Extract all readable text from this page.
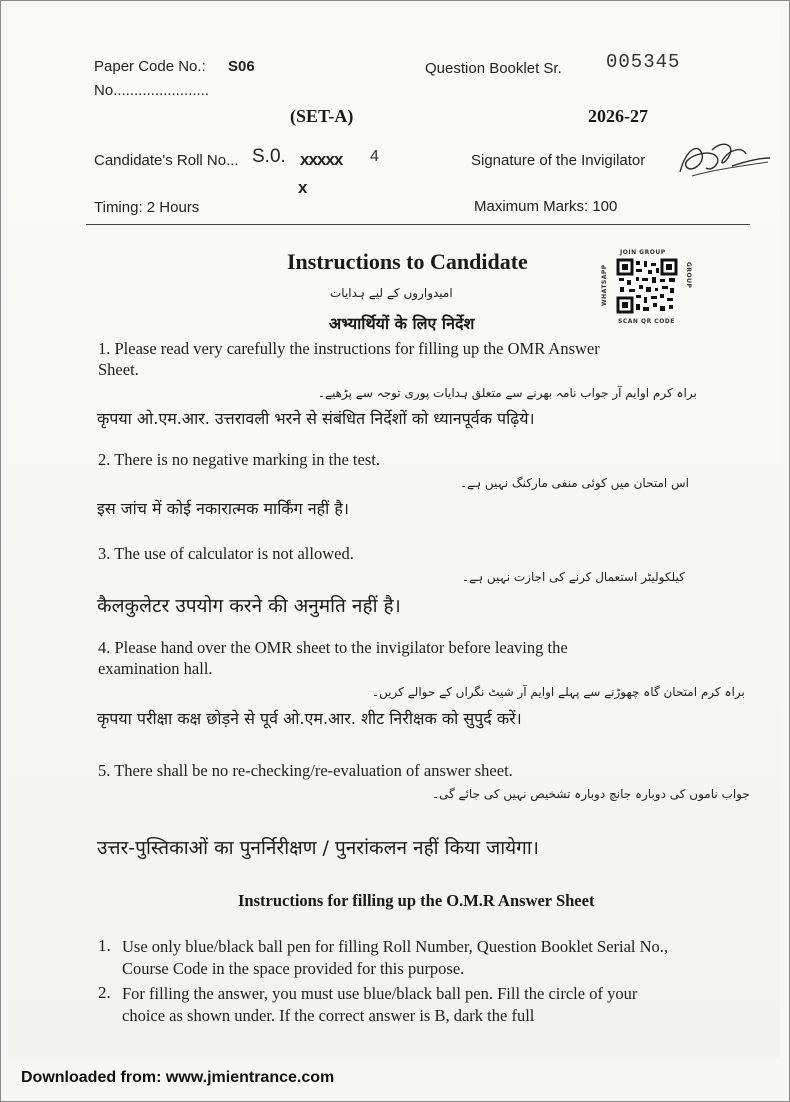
Paper Code No.: S06
No.......................
Question Booklet Sr. 005345
(SET-A)	2026-27
Candidate's Roll No... S.0. xxxxx 4
x
Signature of the Invigilator
Timing: 2 Hours	Maximum Marks: 100
JOIN GROUP
WHATSAPP	GROUP
SCAN QR CODE
Instructions to Candidate
امیدواروں کے لیے ہدایات
अभ्यार्थियों के लिए निर्देश
1. Please read very carefully the instructions for filling up the OMR Answer
Sheet.
براہ کرم اوایم آر جواب نامہ بھرنے سے متعلق ہدایات پوری توجہ سے پڑھیے۔
कृपया ओ.एम.आर. उत्तरावली भरने से संबंधित निर्देशों को ध्यानपूर्वक पढ़िये।
2. There is no negative marking in the test.
اس امتحان میں کوئی منفی مارکنگ نہیں ہے۔
इस जांच में कोई नकारात्मक मार्किंग नहीं है।
3. The use of calculator is not allowed.
کیلکولیٹر استعمال کرنے کی اجازت نہیں ہے۔
कैलकुलेटर उपयोग करने की अनुमति नहीं है।
4. Please hand over the OMR sheet to the invigilator before leaving the
examination hall.
براہ کرم امتحان گاہ چھوڑنے سے پہلے اوایم آر شیٹ نگراں کے حوالے کریں۔
कृपया परीक्षा कक्ष छोड़ने से पूर्व ओ.एम.आर. शीट निरीक्षक को सुपुर्द करें।
5. There shall be no re-checking/re-evaluation of answer sheet.
جواب ناموں کی دوبارہ جانچ دوبارہ تشخیص نہیں کی جائے گی۔
उत्तर-पुस्तिकाओं का पुनर्निरीक्षण / पुनरांकलन नहीं किया जायेगा।
Instructions for filling up the O.M.R Answer Sheet
1. Use only blue/black ball pen for filling Roll Number, Question Booklet Serial No., Course Code in the space provided for this purpose.
2. For filling the answer, you must use blue/black ball pen. Fill the circle of your choice as shown under. If the correct answer is B, dark the full
Downloaded from: www.jmientrance.com
